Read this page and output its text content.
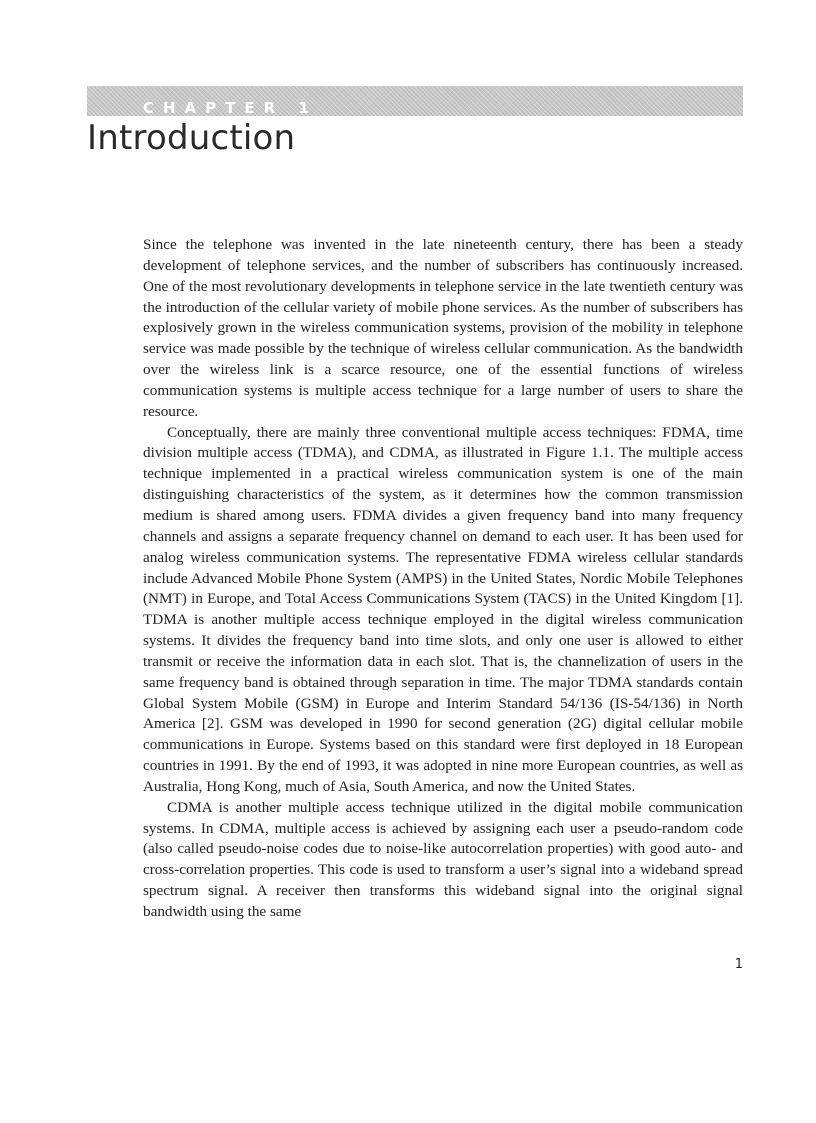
CHAPTER 1
Introduction

Since the telephone was invented in the late nineteenth century, there has been a steady development of telephone services, and the number of subscribers has continuously increased. One of the most revolutionary developments in telephone service in the late twentieth century was the introduction of the cellular variety of mobile phone services. As the number of subscribers has explosively grown in the wireless communication systems, provision of the mobility in telephone service was made possible by the technique of wireless cellular communication. As the bandwidth over the wireless link is a scarce resource, one of the essential functions of wireless communication systems is multiple access technique for a large number of users to share the resource.

Conceptually, there are mainly three conventional multiple access techniques: FDMA, time division multiple access (TDMA), and CDMA, as illustrated in Figure 1.1. The multiple access technique implemented in a practical wireless communication system is one of the main distinguishing characteristics of the system, as it determines how the common transmission medium is shared among users. FDMA divides a given frequency band into many frequency channels and assigns a separate frequency channel on demand to each user. It has been used for analog wireless communication systems. The representative FDMA wireless cellular standards include Advanced Mobile Phone System (AMPS) in the United States, Nordic Mobile Telephones (NMT) in Europe, and Total Access Communications System (TACS) in the United Kingdom [1]. TDMA is another multiple access technique employed in the digital wireless communication systems. It divides the frequency band into time slots, and only one user is allowed to either transmit or receive the information data in each slot. That is, the channelization of users in the same frequency band is obtained through separation in time. The major TDMA standards contain Global System Mobile (GSM) in Europe and Interim Standard 54/136 (IS-54/136) in North America [2]. GSM was developed in 1990 for second generation (2G) digital cellular mobile communications in Europe. Systems based on this standard were first deployed in 18 European countries in 1991. By the end of 1993, it was adopted in nine more European countries, as well as Australia, Hong Kong, much of Asia, South America, and now the United States.

CDMA is another multiple access technique utilized in the digital mobile communication systems. In CDMA, multiple access is achieved by assigning each user a pseudo-random code (also called pseudo-noise codes due to noise-like autocorrelation properties) with good auto- and cross-correlation properties. This code is used to transform a user’s signal into a wideband spread spectrum signal. A receiver then transforms this wideband signal into the original signal bandwidth using the same

1
